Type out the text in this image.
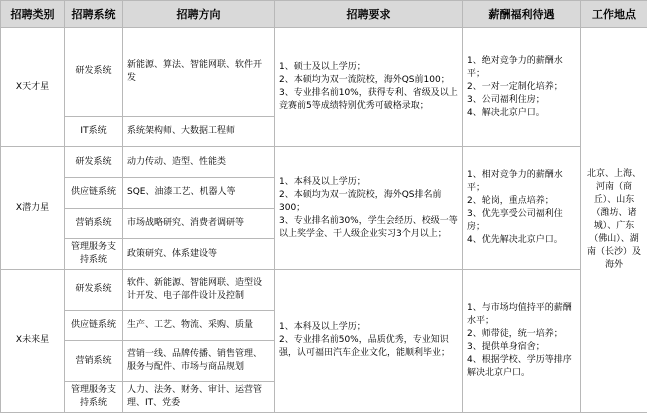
招聘类别	招聘系统	招聘方向	招聘要求	薪酬福利待遇	工作地点
X天才星	研发系统	新能源、算法、智能网联、软件开发	1、硕士及以上学历；
2、本硕均为双一流院校，海外QS前100；
3、专业排名前10%，获得专利、省级及以上竞赛前5等成绩特别优秀可破格录取；	1、绝对竞争力的薪酬水平；
2、一对一定制化培养；
3、公司福利住房；
4、解决北京户口。	北京、上海、河南（商丘）、山东（潍坊、诸城）、广东（佛山）、湖南（长沙）及海外
	IT系统	系统架构师、大数据工程师			
X潜力星	研发系统	动力传动、造型、性能类	1、本科及以上学历；
2、本硕均为双一流院校，海外QS排名前300；
3、专业排名前30%，学生会经历、校级一等以上奖学金、干人级企业实习3个月以上；	1、相对竞争力的薪酬水平；
2、轮岗，重点培养；
3、优先享受公司福利住房；
4、优先解决北京户口。	

	供应链系统	SQE、油漆工艺、机器人等			
	营销系统	市场战略研究、消费者调研等			
	管理服务支持系统	政策研究、体系建设等			
X未来星	研发系统	软件、新能源、智能网联、造型设计开发、电子部件设计及控制	1、本科及以上学历；
2、专业排名前50%，品质优秀，专业知识强，认可福田汽车企业文化，能顺利毕业；	1、与市场均值持平的薪酬水平；
2、师带徒，统一培养；
3、提供单身宿舍；
4、根据学校、学历等排序解决北京户口。	

	供应链系统	生产、工艺、物流、采购、质量			
	营销系统	营销一线、品牌传播、销售管理、服务与配件、市场与商品规划			
	管理服务支持系统	人力、法务、财务、审计、运营管理、IT、党委			
